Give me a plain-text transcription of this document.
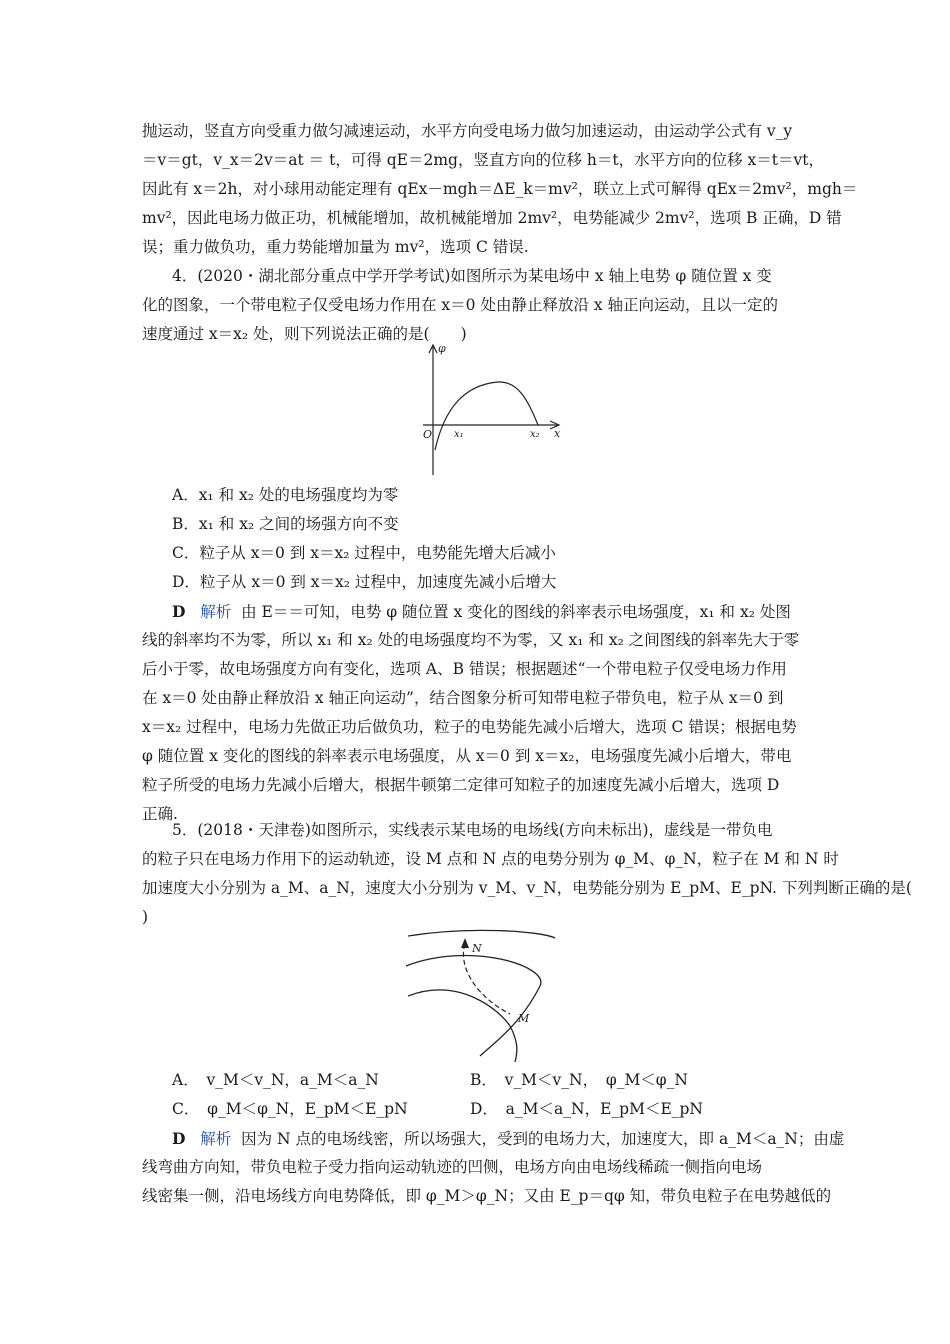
抛运动，竖直方向受重力做匀减速运动，水平方向受电场力做匀加速运动，由运动学公式有 v_y
＝v＝gt，v_x＝2v＝at ＝ t，可得 qE＝2mg，竖直方向的位移 h＝t，水平方向的位移 x＝t＝vt，
因此有 x＝2h，对小球用动能定理有 qEx－mgh＝ΔE_k＝mv²，联立上式可解得 qEx＝2mv²，mgh＝
mv²，因此电场力做正功，机械能增加，故机械能增加 2mv²，电势能减少 2mv²，选项 B 正确，D 错
误；重力做负功，重力势能增加量为 mv²，选项 C 错误.
4．(2020・湖北部分重点中学开学考试)如图所示为某电场中 x 轴上电势 φ 随位置 x 变
化的图象，一个带电粒子仅受电场力作用在 x＝0 处由静止释放沿 x 轴正向运动，且以一定的
速度通过 x＝x₂ 处，则下列说法正确的是(　　)
φ
O x₁	x₂ x
A．x₁ 和 x₂ 处的电场强度均为零
B．x₁ 和 x₂ 之间的场强方向不变
C．粒子从 x＝0 到 x＝x₂ 过程中，电势能先增大后减小
D．粒子从 x＝0 到 x＝x₂ 过程中，加速度先减小后增大
D 解析 由 E＝＝可知，电势 φ 随位置 x 变化的图线的斜率表示电场强度，x₁ 和 x₂ 处图
线的斜率均不为零，所以 x₁ 和 x₂ 处的电场强度均不为零，又 x₁ 和 x₂ 之间图线的斜率先大于零
后小于零，故电场强度方向有变化，选项 A、B 错误；根据题述“一个带电粒子仅受电场力作用
在 x＝0 处由静止释放沿 x 轴正向运动”，结合图象分析可知带电粒子带负电，粒子从 x＝0 到
x＝x₂ 过程中，电场力先做正功后做负功，粒子的电势能先减小后增大，选项 C 错误；根据电势
φ 随位置 x 变化的图线的斜率表示电场强度，从 x＝0 到 x＝x₂，电场强度先减小后增大，带电
粒子所受的电场力先减小后增大，根据牛顿第二定律可知粒子的加速度先减小后增大，选项 D
正确.
5．(2018・天津卷)如图所示，实线表示某电场的电场线(方向未标出)，虚线是一带负电
的粒子只在电场力作用下的运动轨迹，设 M 点和 N 点的电势分别为 φ_M、φ_N，粒子在 M 和 N 时
加速度大小分别为 a_M、a_N，速度大小分别为 v_M、v_N，电势能分别为 E_pM、E_pN. 下列判断正确的是(
)
N
M
A．　v_M＜v_N，a_M＜a_N	B．　v_M＜v_N，　φ_M＜φ_N
C．　φ_M＜φ_N，E_pM＜E_pN	D．　a_M＜a_N，E_pM＜E_pN
D 解析 因为 N 点的电场线密，所以场强大，受到的电场力大，加速度大，即 a_M＜a_N；由虚
线弯曲方向知，带负电粒子受力指向运动轨迹的凹侧，电场方向由电场线稀疏一侧指向电场
线密集一侧，沿电场线方向电势降低，即 φ_M＞φ_N；又由 E_p＝qφ 知，带负电粒子在电势越低的
